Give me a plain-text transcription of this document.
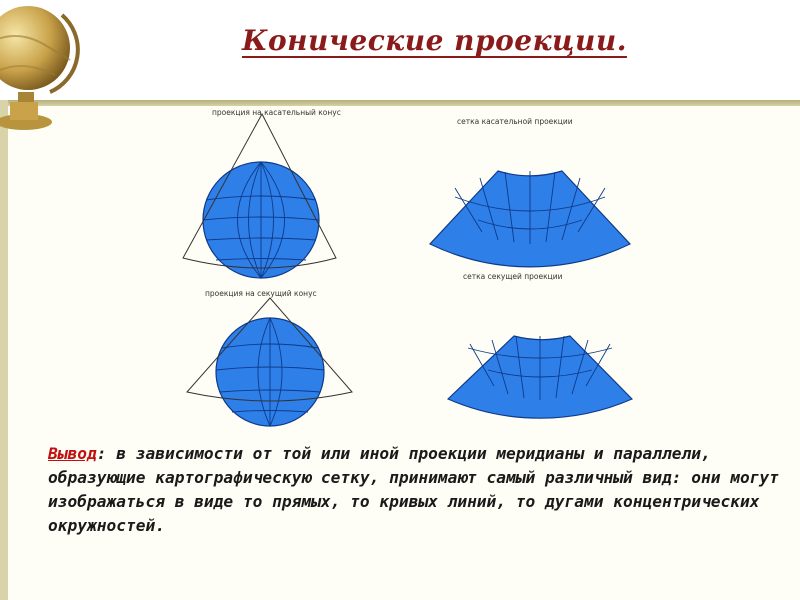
Конические проекции.
проекция на касательный конус
проекция на секущий конус
сетка касательной проекции
сетка секущей проекции

Вывод: в зависимости от той или иной проекции меридианы и параллели, образующие картографическую сетку, принимают самый различный вид: они могут изображаться в виде то прямых, то кривых линий, то дугами концентрических окружностей.
